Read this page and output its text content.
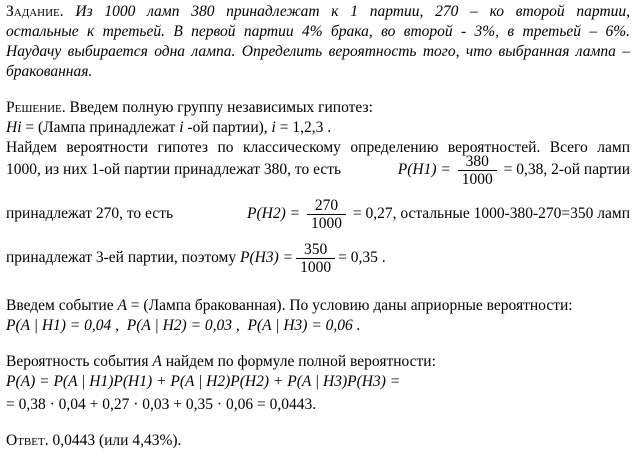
Задание. Из 1000 ламп 380 принадлежат к 1 партии, 270 – ко второй партии,
остальные к третьей. В первой партии 4% брака, во второй - 3%, в третьей – 6%.
Наудачу выбирается одна лампа. Определить вероятность того, что выбранная лампа –
бракованная.
Решение. Введем полную группу независимых гипотез:
Hi = (Лампа принадлежат i -ой партии), i = 1,2,3 .
Найдем вероятности гипотез по классическому определению вероятностей. Всего ламп
1000, из них 1-ой партии принадлежат 380, то есть	$P(H1) = \frac{380}{1000} = 0,38$, 2-ой партии
принадлежат 270, то есть	$P(H2) = \frac{270}{1000} = 0,27$, остальные 1000-380-270=350 ламп
принадлежат 3-ей партии, поэтому
$P(H3) = \frac{350}{1000} = 0,35$ .
Введем событие A = (Лампа бракованная). По условию даны априорные вероятности:
P(A | H1) = 0,04 ,  P(A | H2) = 0,03 ,  P(A | H3) = 0,06 .
Вероятность события A найдем по формуле полной вероятности:
P(A) = P(A | H1)P(H1) + P(A | H2)P(H2) + P(A | H3)P(H3) =
= 0,38 · 0,04 + 0,27 · 0,03 + 0,35 · 0,06 = 0,0443.
Ответ. 0,0443 (или 4,43%).
